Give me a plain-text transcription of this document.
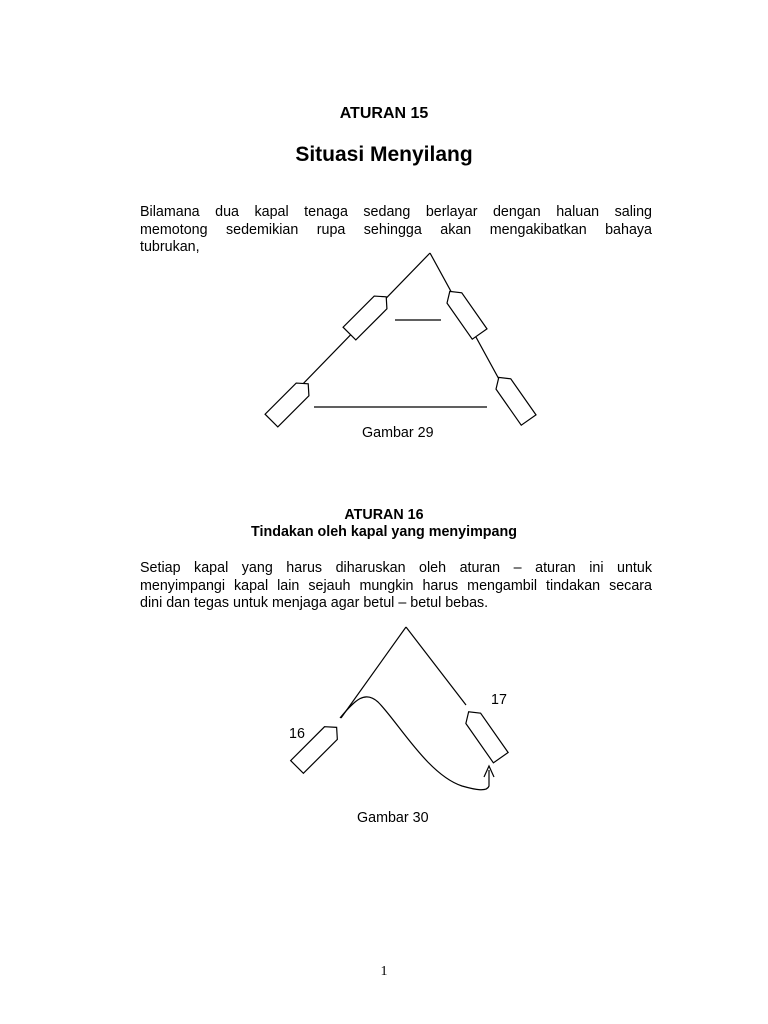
ATURAN 15
Situasi Menyilang
Bilamana dua kapal tenaga sedang berlayar dengan haluan saling
memotong sedemikian rupa sehingga akan mengakibatkan bahaya
tubrukan,
Gambar 29
ATURAN 16
Tindakan oleh kapal yang menyimpang
Setiap kapal yang harus diharuskan oleh aturan – aturan ini untuk
menyimpangi kapal lain sejauh mungkin harus mengambil tindakan secara
dini dan tegas untuk menjaga agar betul – betul bebas.
17
16
Gambar 30
1
